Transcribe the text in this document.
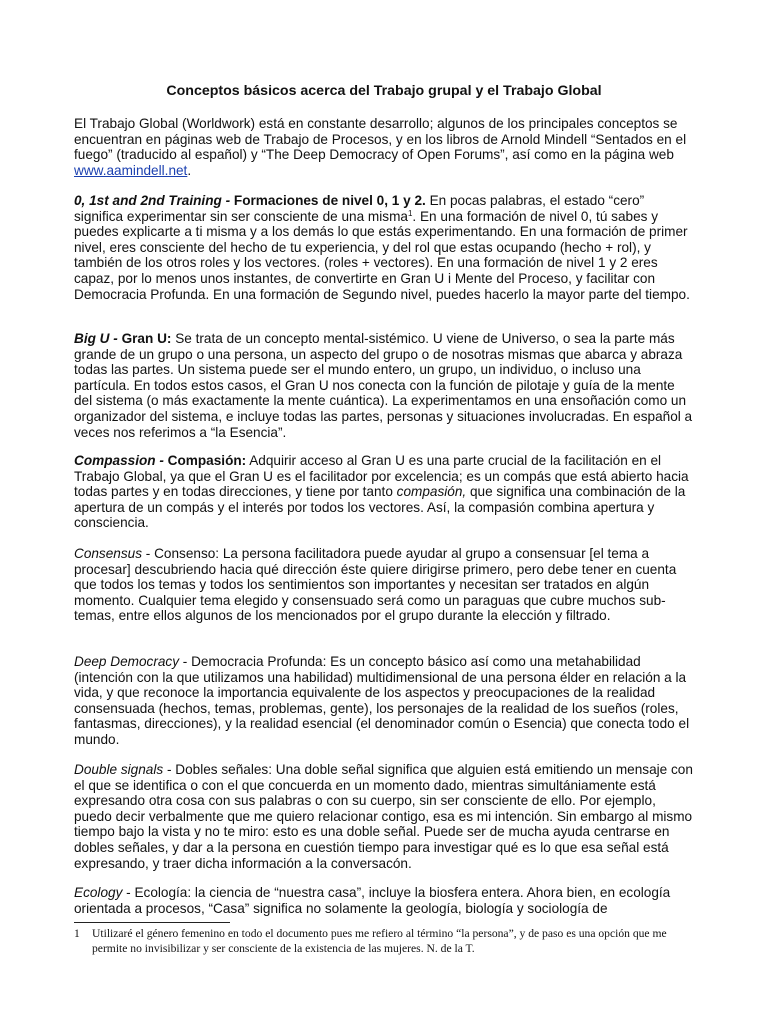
Conceptos básicos acerca del Trabajo grupal y el Trabajo Global

El Trabajo Global (Worldwork) está en constante desarrollo; algunos de los principales conceptos se encuentran en páginas web de Trabajo de Procesos, y en los libros de Arnold Mindell “Sentados en el fuego” (traducido al español) y “The Deep Democracy of Open Forums”, así como en la página web www.aamindell.net.

0, 1st and 2nd Training - Formaciones de nivel 0, 1 y 2. En pocas palabras, el estado “cero” significa experimentar sin ser consciente de una misma$^1$. En una formación de nivel 0, tú sabes y puedes explicarte a ti misma y a los demás lo que estás experimentando. En una formación de primer nivel, eres consciente del hecho de tu experiencia, y del rol que estas ocupando (hecho + rol), y también de los otros roles y los vectores. (roles + vectores). En una formación de nivel 1 y 2 eres capaz, por lo menos unos instantes, de convertirte en Gran U i Mente del Proceso, y facilitar con Democracia Profunda. En una formación de Segundo nivel, puedes hacerlo la mayor parte del tiempo.

Big U - Gran U: Se trata de un concepto mental-sistémico. U viene de Universo, o sea la parte más grande de un grupo o una persona, un aspecto del grupo o de nosotras mismas que abarca y abraza todas las partes. Un sistema puede ser el mundo entero, un grupo, un individuo, o incluso una partícula. En todos estos casos, el Gran U nos conecta con la función de pilotaje y guía de la mente del sistema (o más exactamente la mente cuántica). La experimentamos en una ensoñación como un organizador del sistema, e incluye todas las partes, personas y situaciones involucradas. En español a veces nos referimos a “la Esencia”.

Compassion - Compasión: Adquirir acceso al Gran U es una parte crucial de la facilitación en el Trabajo Global, ya que el Gran U es el facilitador por excelencia; es un compás que está abierto hacia todas partes y en todas direcciones, y tiene por tanto compasión, que significa una combinación de la apertura de un compás y el interés por todos los vectores. Así, la compasión combina apertura y consciencia.

Consensus - Consenso: La persona facilitadora puede ayudar al grupo a consensuar [el tema a procesar] descubriendo hacia qué dirección éste quiere dirigirse primero, pero debe tener en cuenta que todos los temas y todos los sentimientos son importantes y necesitan ser tratados en algún momento. Cualquier tema elegido y consensuado será como un paraguas que cubre muchos sub-temas, entre ellos algunos de los mencionados por el grupo durante la elección y filtrado.

Deep Democracy - Democracia Profunda: Es un concepto básico así como una metahabilidad (intención con la que utilizamos una habilidad) multidimensional de una persona élder en relación a la vida, y que reconoce la importancia equivalente de los aspectos y preocupaciones de la realidad consensuada (hechos, temas, problemas, gente), los personajes de la realidad de los sueños (roles, fantasmas, direcciones), y la realidad esencial (el denominador común o Esencia) que conecta todo el mundo.

Double signals - Dobles señales: Una doble señal significa que alguien está emitiendo un mensaje con el que se identifica o con el que concuerda en un momento dado, mientras simultániamente está expresando otra cosa con sus palabras o con su cuerpo, sin ser consciente de ello. Por ejemplo, puedo decir verbalmente que me quiero relacionar contigo, esa es mi intención. Sin embargo al mismo tiempo bajo la vista y no te miro: esto es una doble señal. Puede ser de mucha ayuda centrarse en dobles señales, y dar a la persona en cuestión tiempo para investigar qué es lo que esa señal está expresando, y traer dicha información a la conversacón.

Ecology - Ecología: la ciencia de “nuestra casa”, incluye la biosfera entera. Ahora bien, en ecología orientada a procesos, “Casa” significa no solamente la geología, biología y sociología de

1 Utilizaré el género femenino en todo el documento pues me refiero al término “la persona”, y de paso es una opción que me permite no invisibilizar y ser consciente de la existencia de las mujeres. N. de la T.
